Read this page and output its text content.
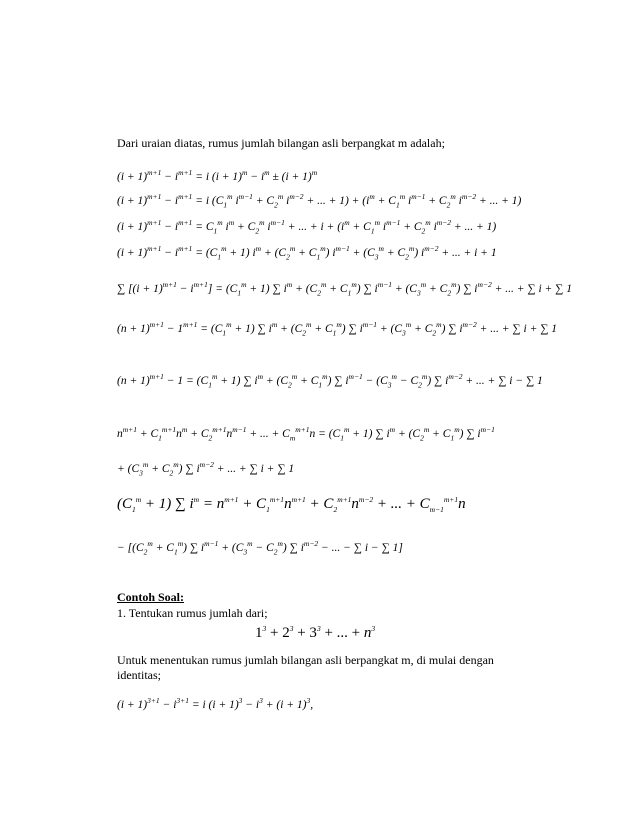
Dari uraian diatas, rumus jumlah bilangan asli berpangkat m adalah;
$(i + 1)^{m+1} - i^{m+1} = i$ $(i + 1)^m - i^m \pm (i + 1)^m$
$(i + 1)^{m+1} - i^{m+1} = i$ ($C_1^m$ $i^{m-1} + C_2^m$ $i^{m-2}$ + ... + $1) + (i^m + C_1^m$ $i^{m-1} + C_2^m$ $i^{m-2}$ + ... + 1)
$(i + 1)^{m+1} - i^{m+1} = C_1^m$ $i^m + C_2^m$ $i^{m-1}$ + ... + $i + (i^m + C_1^m$ $i^{m-1} + C_2^m$ $i^{m-2}$ + ... + 1)
$(i + 1)^{m+1} - i^{m+1} = (C_1^m + 1)$ $i^m + (C_2^m + C_1^m) i^{m-1} + (C_3^m + C_2^m) i^{m-2}$ + ... + i + 1
∑ $[(i + 1)^{m+1} - i^{m+1}] = (C_1^m + 1)$ ∑ $i^m + (C_2^m + C_1^m)$ ∑ $i^{m-1} + (C_3^m + C_2^m)$ ∑ $i^{m-2}$ + ... + ∑ i + ∑ 1
$(n + 1)^{m+1} - 1^{m+1} = (C_1^m + 1)$ ∑ $i^m + (C_2^m + C_1^m)$ ∑ $i^{m-1} + (C_3^m + C_2^m)$ ∑ $i^{m-2}$ + ... + ∑ i + ∑ 1
$(n + 1)^{m+1} - 1 = (C_1^m + 1)$ ∑ $i^m + (C_2^m + C_1^m)$ ∑ $i^{m-1} - (C_3^m - C_2^m)$ ∑ $i^{m-2}$ + ... + ∑ i − ∑ 1
$n^{m+1} + C_1^{m+1}n^m + C_2^{m+1}n^{m-1}$ + ... + $C_m^{m+1}n = (C_1^m + 1)$ ∑ $i^m + (C_2^m + C_1^m)$ ∑ $i^{m-1}$
+ $(C_3^m + C_2^m)$ ∑ $i^{m-2}$ + ... + ∑ i + ∑ 1
$(C_1^m + 1)$ ∑ $i^m = n^{m+1} + C_1^{m+1}n^{m+1} + C_2^{m+1}n^{m-2}$ + ... + $C_{m-1}^{m+1}n$
− [$(C_2^m + C_1^m)$ ∑ $i^{m-1} + (C_3^m - C_2^m)$ ∑ $i^{m-2}$ − ... − ∑ i − ∑ 1]
Contoh Soal:
1. Tentukan rumus jumlah dari;
$1^3 + 2^3 + 3^3$ + ... + $n^3$
Untuk menentukan rumus jumlah bilangan asli berpangkat m, di mulai dengan
identitas;
$(i + 1)^{3+1} - i^{3+1} = i$ $(i + 1)^3 - i^3 + (i + 1)^3$,
